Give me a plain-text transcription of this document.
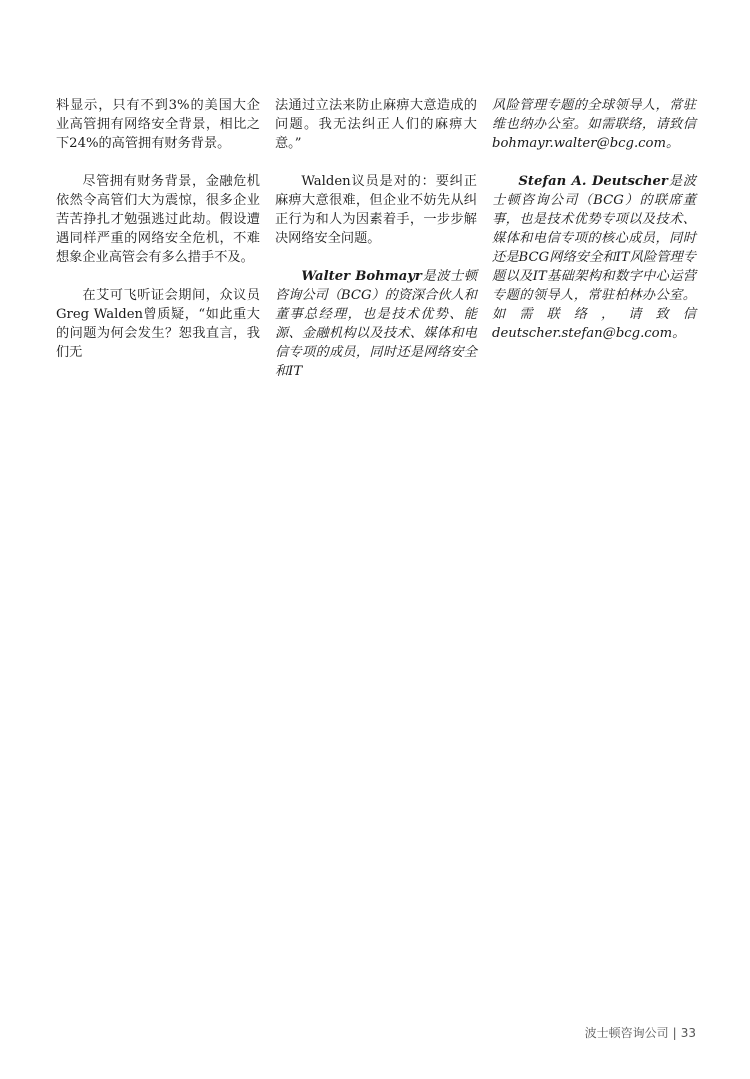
料显示，只有不到3%的美国大企业高管拥有网络安全背景，相比之下24%的高管拥有财务背景。

尽管拥有财务背景，金融危机依然令高管们大为震惊，很多企业苦苦挣扎才勉强逃过此劫。假设遭遇同样严重的网络安全危机，不难想象企业高管会有多么措手不及。

在艾可飞听证会期间，众议员Greg Walden曾质疑，“如此重大的问题为何会发生？恕我直言，我们无

法通过立法来防止麻痹大意造成的问题。我无法纠正人们的麻痹大意。”

Walden议员是对的：要纠正麻痹大意很难，但企业不妨先从纠正行为和人为因素着手，一步步解决网络安全问题。

Walter Bohmayr是波士顿咨询公司（BCG）的资深合伙人和董事总经理，也是技术优势、能源、金融机构以及技术、媒体和电信专项的成员，同时还是网络安全和IT

风险管理专题的全球领导人，常驻维也纳办公室。如需联络，请致信bohmayr.walter@bcg.com。

Stefan A. Deutscher是波士顿咨询公司（BCG）的联席董事，也是技术优势专项以及技术、媒体和电信专项的核心成员，同时还是BCG网络安全和IT风险管理专题以及IT基础架构和数字中心运营专题的领导人，常驻柏林办公室。如需联络，请致信deutscher.stefan@bcg.com。

波士顿咨询公司 | 33
